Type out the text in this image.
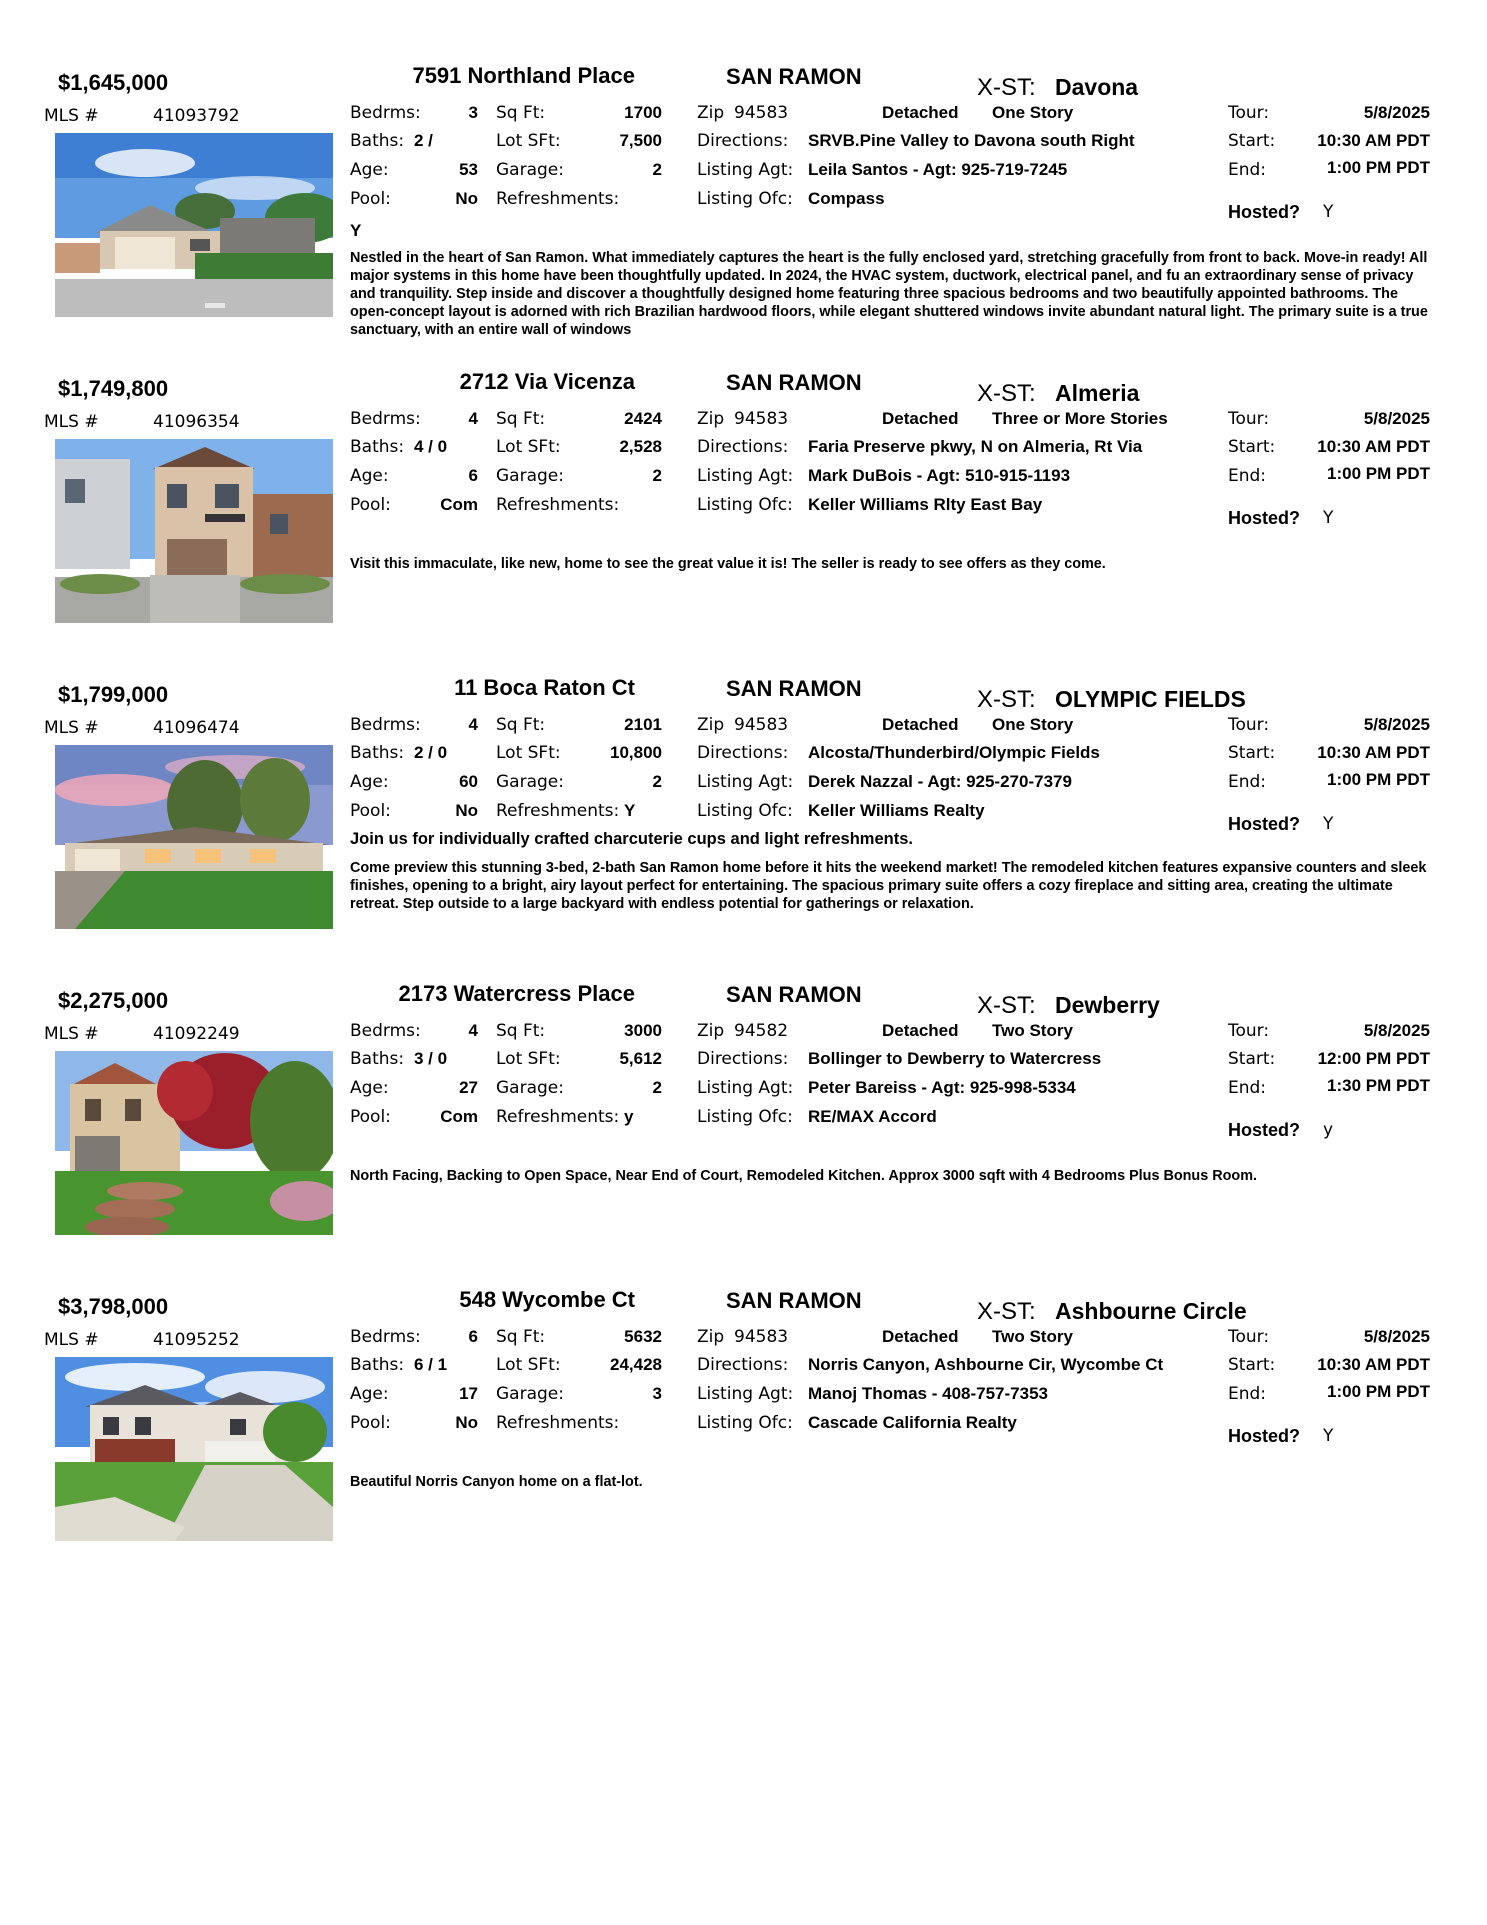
$1,645,000	7591 Northland Place	SAN RAMON	X-ST: Davona
MLS #	41093792	Bedrms:	3 Sq Ft:	1700
Baths: 2 /	Lot SFt:	7,500
Age:	53 Garage:	2
Pool:	No Refreshments:
Y
Zip 94583	Detached One Story
Directions: SRVB.Pine Valley to Davona south Right
Listing Agt: Leila Santos - Agt: 925-719-7245
Listing Ofc: Compass
Tour:	5/8/2025
Start:	10:30 AM PDT
End:	1:00 PM PDT
Hosted? Y
Nestled in the heart of San Ramon. What immediately captures the heart is the fully enclosed yard, stretching gracefully from front to back. Move-in ready! All major systems in this home have been thoughtfully updated. In 2024, the HVAC system, ductwork, electrical panel, and fu an extraordinary sense of privacy and tranquility. Step inside and discover a thoughtfully designed home featuring three spacious bedrooms and two beautifully appointed bathrooms. The open-concept layout is adorned with rich Brazilian hardwood floors, while elegant shuttered windows invite abundant natural light. The primary suite is a true sanctuary, with an entire wall of windows
$1,749,800	2712 Via Vicenza	SAN RAMON	X-ST: Almeria
MLS #	41096354	Bedrms:	4 Sq Ft:	2424
Baths: 4 / 0	Lot SFt:	2,528
Age:	6 Garage:	2
Pool:	Com Refreshments:
Zip 94583	Detached Three or More Stories
Directions: Faria Preserve pkwy, N on Almeria, Rt Via
Listing Agt: Mark DuBois - Agt: 510-915-1193
Listing Ofc: Keller Williams Rlty East Bay
Tour:	5/8/2025
Start:	10:30 AM PDT
End:	1:00 PM PDT
Hosted? Y
Visit this immaculate, like new, home to see the great value it is! The seller is ready to see offers as they come.
$1,799,000	11 Boca Raton Ct	SAN RAMON	X-ST: OLYMPIC FIELDS
MLS #	41096474	Bedrms:	4 Sq Ft:	2101
Baths: 2 / 0	Lot SFt:	10,800
Age:	60 Garage:	2
Pool:	No Refreshments: Y
Zip 94583	Detached One Story
Directions: Alcosta/Thunderbird/Olympic Fields
Listing Agt: Derek Nazzal - Agt: 925-270-7379
Listing Ofc: Keller Williams Realty
Tour:	5/8/2025
Start:	10:30 AM PDT
End:	1:00 PM PDT
Hosted? Y
Join us for individually crafted charcuterie cups and light refreshments.
Come preview this stunning 3-bed, 2-bath San Ramon home before it hits the weekend market! The remodeled kitchen features expansive counters and sleek finishes, opening to a bright, airy layout perfect for entertaining. The spacious primary suite offers a cozy fireplace and sitting area, creating the ultimate retreat. Step outside to a large backyard with endless potential for gatherings or relaxation.
$2,275,000	2173 Watercress Place	SAN RAMON	X-ST: Dewberry
MLS #	41092249	Bedrms:	4 Sq Ft:	3000
Baths: 3 / 0	Lot SFt:	5,612
Age:	27 Garage:	2
Pool:	Com Refreshments: y
Zip 94582	Detached Two Story
Directions: Bollinger to Dewberry to Watercress
Listing Agt: Peter Bareiss - Agt: 925-998-5334
Listing Ofc: RE/MAX Accord
Tour:	5/8/2025
Start:	12:00 PM PDT
End:	1:30 PM PDT
Hosted? y
North Facing, Backing to Open Space, Near End of Court, Remodeled Kitchen. Approx 3000 sqft with 4 Bedrooms Plus Bonus Room.
$3,798,000	548 Wycombe Ct	SAN RAMON	X-ST: Ashbourne Circle
MLS #	41095252	Bedrms:	6 Sq Ft:	5632
Baths: 6 / 1	Lot SFt:	24,428
Age:	17 Garage:	3
Pool:	No Refreshments:
Zip 94583	Detached Two Story
Directions: Norris Canyon, Ashbourne Cir, Wycombe Ct
Listing Agt: Manoj Thomas - 408-757-7353
Listing Ofc: Cascade California Realty
Tour:	5/8/2025
Start:	10:30 AM PDT
End:	1:00 PM PDT
Hosted? Y
Beautiful Norris Canyon home on a flat-lot.
